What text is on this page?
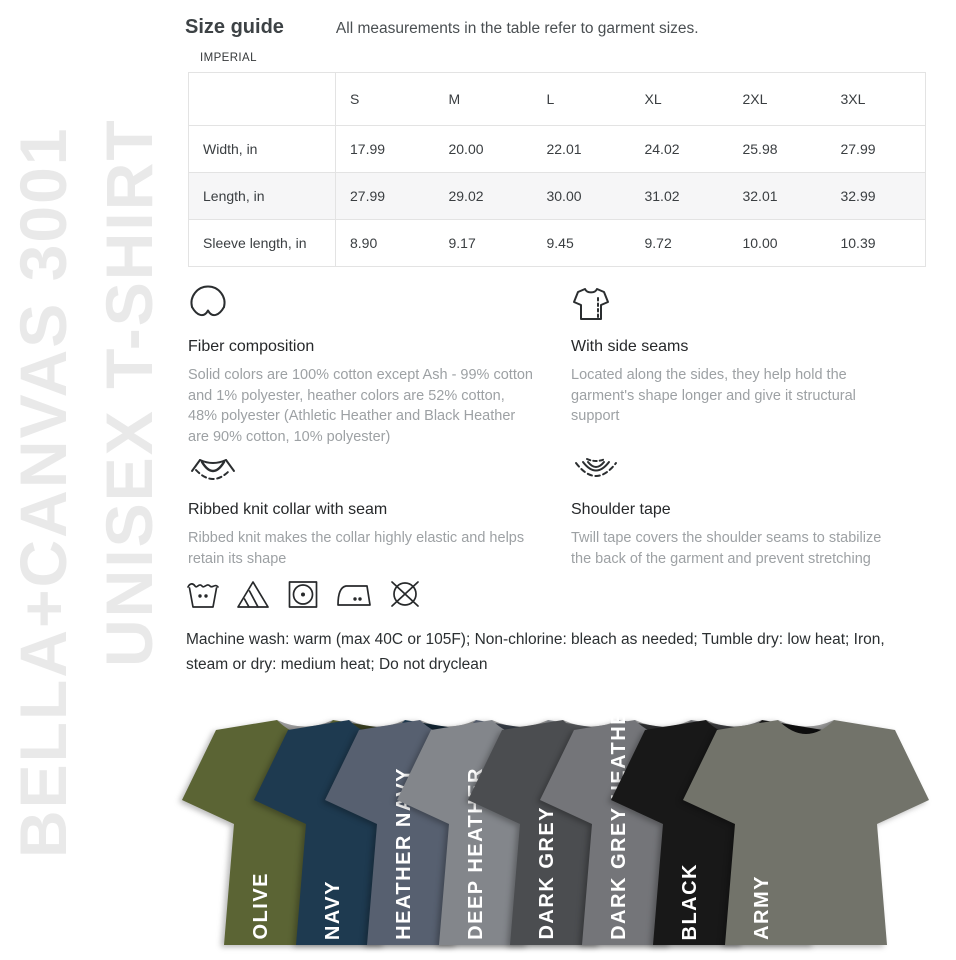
BELLA+CANVAS 3001 UNISEX T-SHIRT
Size guide	All measurements in the table refer to garment sizes.
IMPERIAL
	S	M	L	XL	2XL	3XL
Width, in	17.99	20.00	22.01	24.02	25.98	27.99
Length, in	27.99	29.02	30.00	31.02	32.01	32.99
Sleeve length, in	8.90	9.17	9.45	9.72	10.00	10.39
Fiber composition

Solid colors are 100% cotton except Ash - 99% cotton and 1% polyester, heather colors are 52% cotton, 48% polyester (Athletic Heather and Black Heather are 90% cotton, 10% polyester)

With side seams

Located along the sides, they help hold the garment's shape longer and give it structural support

Ribbed knit collar with seam

Ribbed knit makes the collar highly elastic and helps retain its shape

Shoulder tape

Twill tape covers the shoulder seams to stabilize the back of the garment and prevent stretching

Machine wash: warm (max 40C or 105F); Non-chlorine: bleach as needed; Tumble dry: low heat; Iron, steam or dry: medium heat; Do not dryclean

OLIVE	NAVY HEATHER NAVY	DEEP HEATHER DARK GREY	DARK GREY HEATHER BLACK	ARMY
